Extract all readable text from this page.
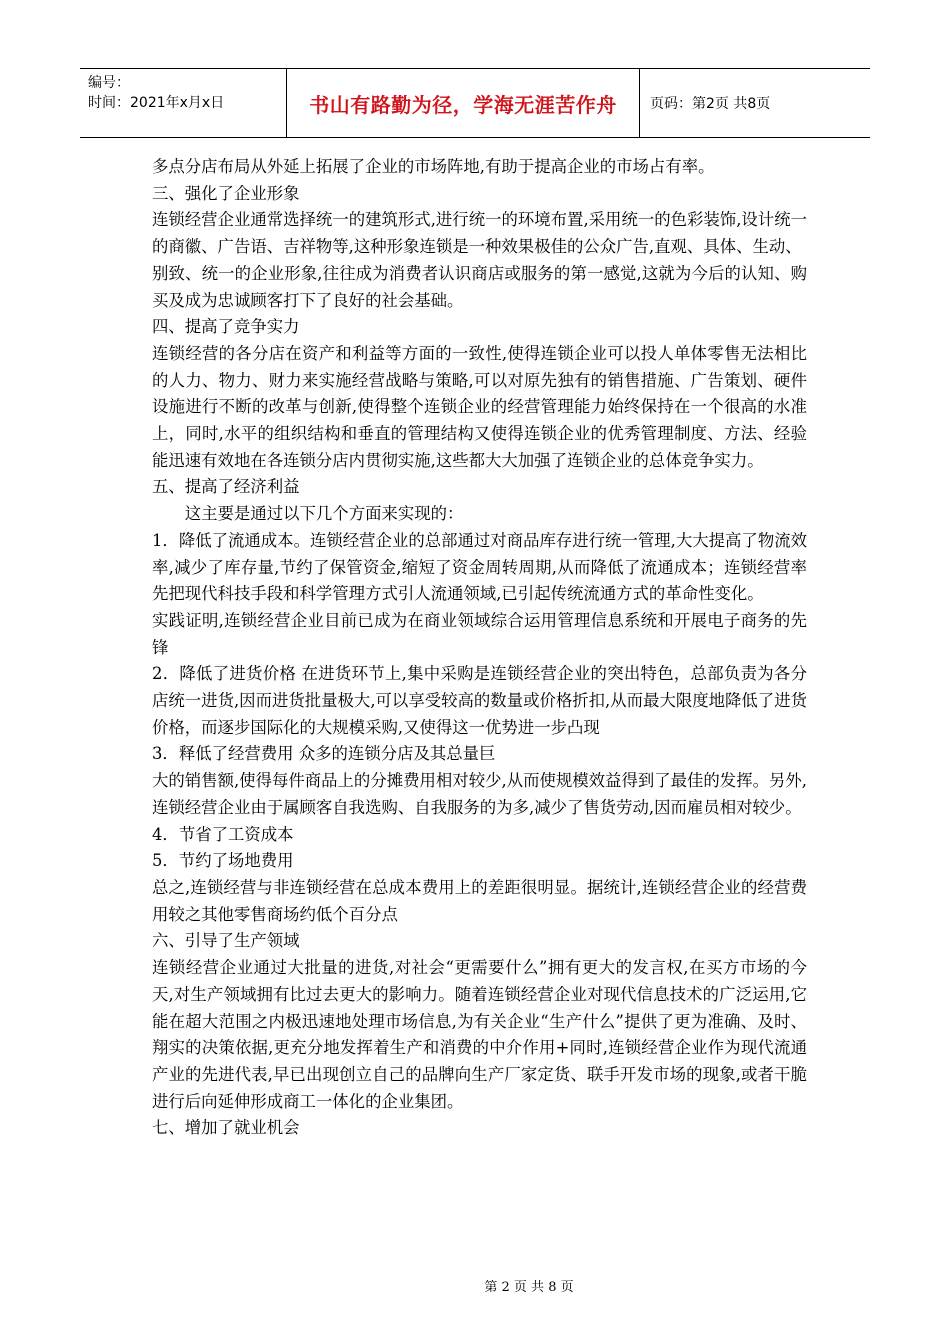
编号：
时间：2021年x月x日	书山有路勤为径，学海无涯苦作舟	页码：第2页 共8页

多点分店布局从外延上拓展了企业的市场阵地,有助于提高企业的市场占有率。

三、强化了企业形象

连锁经营企业通常选择统一的建筑形式,进行统一的环境布置,采用统一的色彩装饰,设计统一的商徽、广告语、吉祥物等,这种形象连锁是一种效果极佳的公众广告,直观、具体、生动、

别致、统一的企业形象,往往成为消费者认识商店或服务的第一感觉,这就为今后的认知、购买及成为忠诚顾客打下了良好的社会基础。

四、提高了竞争实力

连锁经营的各分店在资产和利益等方面的一致性,使得连锁企业可以投人单体零售无法相比的人力、物力、财力来实施经营战略与策略,可以对原先独有的销售措施、广告策划、硬件设施进行不断的改革与创新,使得整个连锁企业的经营管理能力始终保持在一个很高的水准上，同时,水平的组织结构和垂直的管理结构又使得连锁企业的优秀管理制度、方法、经验能迅速有效地在各连锁分店内贯彻实施,这些都大大加强了连锁企业的总体竞争实力。

五、提高了经济利益

这主要是通过以下几个方面来实现的：

1．降低了流通成本。连锁经营企业的总部通过对商品库存进行统一管理,大大提高了物流效率,减少了库存量,节约了保管资金,缩短了资金周转周期,从而降低了流通成本；连锁经营率先把现代科技手段和科学管理方式引人流通领域,已引起传统流通方式的革命性变化。

实践证明,连锁经营企业目前已成为在商业领域综合运用管理信息系统和开展电子商务的先锋

2．降低了进货价格 在进货环节上,集中采购是连锁经营企业的突出特色，总部负责为各分店统一进货,因而进货批量极大,可以享受较高的数量或价格折扣,从而最大限度地降低了进货价格，而逐步国际化的大规模采购,又使得这一优势进一步凸现

3．释低了经营费用 众多的连锁分店及其总量巨

大的销售额,使得每件商品上的分摊费用相对较少,从而使规模效益得到了最佳的发挥。另外,连锁经营企业由于属顾客自我选购、自我服务的为多,减少了售货劳动,因而雇员相对较少。

4．节省了工资成本

5．节约了场地费用

总之,连锁经营与非连锁经营在总成本费用上的差距很明显。据统计,连锁经营企业的经营费用较之其他零售商场约低个百分点

六、引导了生产领域

连锁经营企业通过大批量的进货,对社会“更需要什么”拥有更大的发言权,在买方市场的今天,对生产领域拥有比过去更大的影响力。随着连锁经营企业对现代信息技术的广泛运用,它能在超大范围之内极迅速地处理市场信息,为有关企业“生产什么”提供了更为准确、及时、翔实的决策依据,更充分地发挥着生产和消费的中介作用+同时,连锁经营企业作为现代流通产业的先进代表,早已出现创立自己的品牌向生产厂家定货、联手开发市场的现象,或者干脆进行后向延伸形成商工一体化的企业集团。

七、增加了就业机会

第 2 页 共 8 页
